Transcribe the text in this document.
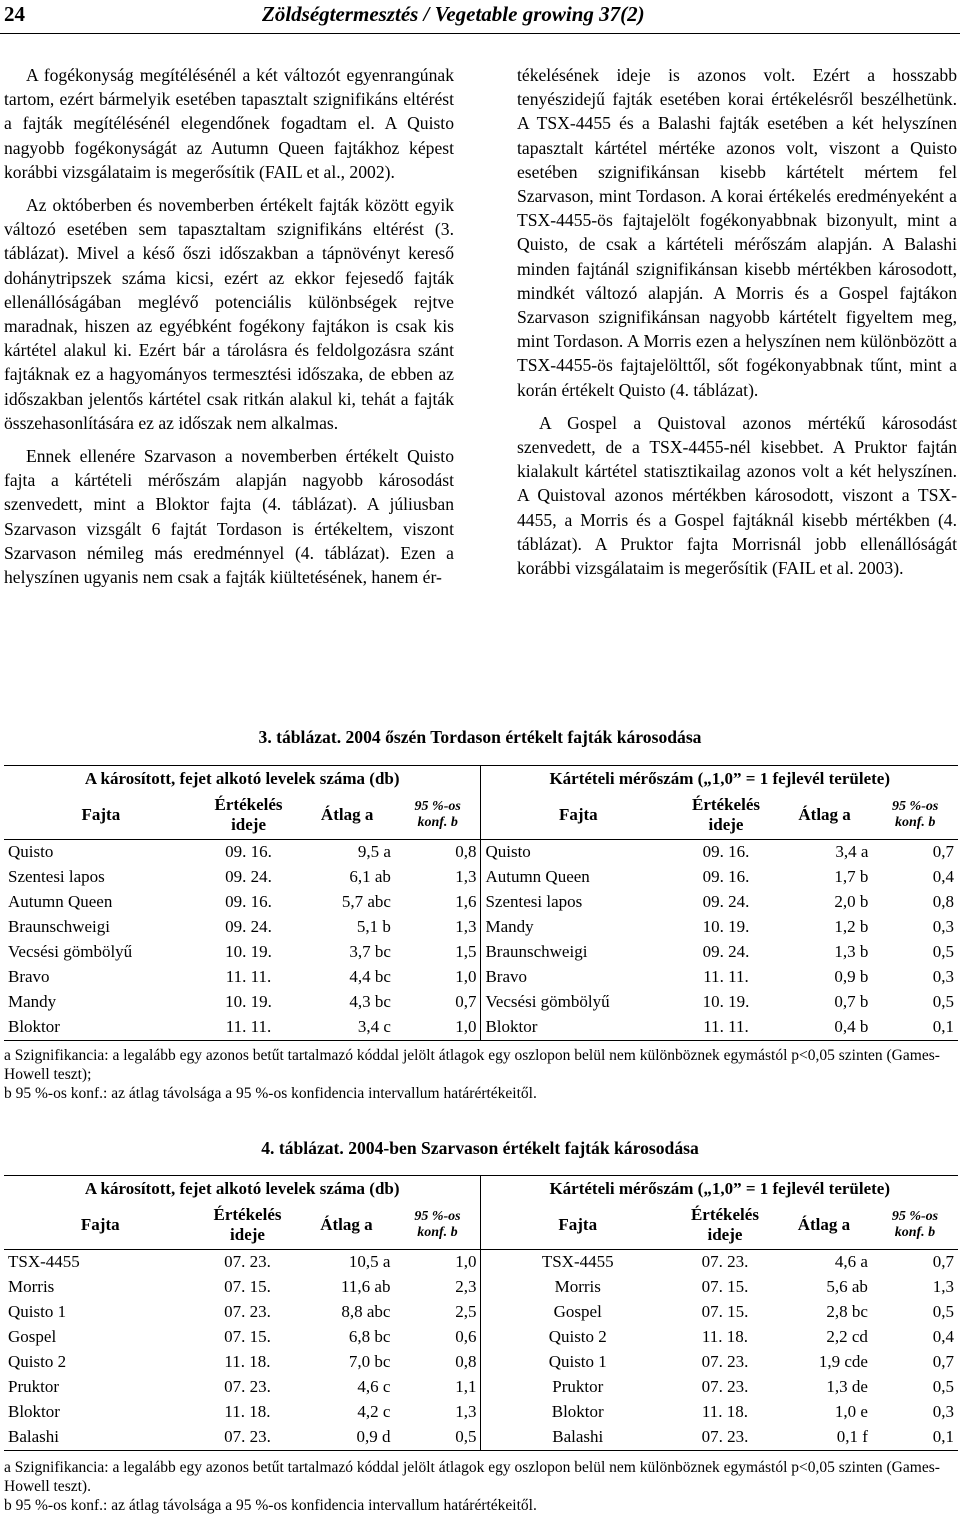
24	Zöldségtermesztés / Vegetable growing 37(2)

A fogékonyság megítélésénél a két változót egyenrangúnak tartom, ezért bármelyik esetében tapasztalt szignifikáns eltérést a fajták megítélésénél elegendőnek fogadtam el. A Quisto nagyobb fogékonyságát az Autumn Queen fajtákhoz képest korábbi vizsgálataim is megerősítik (FAIL et al., 2002).

Az októberben és novemberben értékelt fajták között egyik változó esetében sem tapasztaltam szignifikáns eltérést (3. táblázat). Mivel a késő őszi időszakban a tápnövényt kereső dohánytripszek száma kicsi, ezért az ekkor fejesedő fajták ellenállóságában meglévő potenciális különbségek rejtve maradnak, hiszen az egyébként fogékony fajtákon is csak kis kártétel alakul ki. Ezért bár a tárolásra és feldolgozásra szánt fajtáknak ez a hagyományos termesztési időszaka, de ebben az időszakban jelentős kártétel csak ritkán alakul ki, tehát a fajták összehasonlítására ez az időszak nem alkalmas.

Ennek ellenére Szarvason a novemberben értékelt Quisto fajta a kártételi mérőszám alapján nagyobb károsodást szenvedett, mint a Bloktor fajta (4. táblázat). A júliusban Szarvason vizsgált 6 fajtát Tordason is értékeltem, viszont Szarvason némileg más eredménnyel (4. táblázat). Ezen a helyszínen ugyanis nem csak a fajták kiültetésének, hanem ér-

tékelésének ideje is azonos volt. Ezért a hosszabb tenyészidejű fajták esetében korai értékelésről beszélhetünk. A TSX-4455 és a Balashi fajták esetében a két helyszínen tapasztalt kártétel mértéke azonos volt, viszont a Quisto esetében szignifikánsan kisebb kártételt mértem fel Szarvason, mint Tordason. A korai értékelés eredményeként a TSX-4455-ös fajtajelölt fogékonyabbnak bizonyult, mint a Quisto, de csak a kártételi mérőszám alapján. A Balashi minden fajtánál szignifikánsan kisebb mértékben károsodott, mindkét változó alapján. A Morris és a Gospel fajtákon Szarvason szignifikánsan nagyobb kártételt figyeltem meg, mint Tordason. A Morris ezen a helyszínen nem különbözött a TSX-4455-ös fajtajelölttől, sőt fogékonyabbnak tűnt, mint a korán értékelt Quisto (4. táblázat).

A Gospel a Quistoval azonos mértékű károsodást szenvedett, de a TSX-4455-nél kisebbet. A Pruktor fajtán kialakult kártétel statisztikailag azonos volt a két helyszínen. A Quistoval azonos mértékben károsodott, viszont a TSX-4455, a Morris és a Gospel fajtáknál kisebb mértékben (4. táblázat). A Pruktor fajta Morrisnál jobb ellenállóságát korábbi vizsgálataim is megerősítik (FAIL et al. 2003).

3. táblázat. 2004 őszén Tordason értékelt fajták károsodása
A károsított, fejet alkotó levelek száma (db)				Kártételi mérőszám („1,0” = 1 fejlevél területe)			
Fajta	Értékelés ideje	Átlag a	95 %-os konf. b	Fajta	Értékelés ideje	Átlag a	95 %-os konf. b
Quisto	09. 16.	9,5 a	0,8	Quisto	09. 16.	3,4 a	0,7
Szentesi lapos	09. 24.	6,1 ab	1,3	Autumn Queen	09. 16.	1,7 b	0,4
Autumn Queen	09. 16.	5,7 abc	1,6	Szentesi lapos	09. 24.	2,0 b	0,8
Braunschweigi	09. 24.	5,1 b	1,3	Mandy	10. 19.	1,2 b	0,3
Vecsési gömbölyű	10. 19.	3,7 bc	1,5	Braunschweigi	09. 24.	1,3 b	0,5
Bravo	11. 11.	4,4 bc	1,0	Bravo	11. 11.	0,9 b	0,3
Mandy	10. 19.	4,3 bc	0,7	Vecsési gömbölyű	10. 19.	0,7 b	0,5
Bloktor	11. 11.	3,4 c	1,0	Bloktor	11. 11.	0,4 b	0,1

a Szignifikancia: a legalább egy azonos betűt tartalmazó kóddal jelölt átlagok egy oszlopon belül nem különböznek egymástól p<0,05 szinten (Games-Howell teszt);

b 95 %-os konf.: az átlag távolsága a 95 %-os konfidencia intervallum határértékeitől.

4. táblázat. 2004-ben Szarvason értékelt fajták károsodása
A károsított, fejet alkotó levelek száma (db)				Kártételi mérőszám („1,0” = 1 fejlevél területe)			
Fajta	Értékelés ideje	Átlag a	95 %-os konf. b	Fajta	Értékelés ideje	Átlag a	95 %-os konf. b
TSX-4455	07. 23.	10,5 a	1,0	TSX-4455	07. 23.	4,6 a	0,7
Morris	07. 15.	11,6 ab	2,3	Morris	07. 15.	5,6 ab	1,3
Quisto 1	07. 23.	8,8 abc	2,5	Gospel	07. 15.	2,8 bc	0,5
Gospel	07. 15.	6,8 bc	0,6	Quisto 2	11. 18.	2,2 cd	0,4
Quisto 2	11. 18.	7,0 bc	0,8	Quisto 1	07. 23.	1,9 cde	0,7
Pruktor	07. 23.	4,6 c	1,1	Pruktor	07. 23.	1,3 de	0,5
Bloktor	11. 18.	4,2 c	1,3	Bloktor	11. 18.	1,0 e	0,3
Balashi	07. 23.	0,9 d	0,5	Balashi	07. 23.	0,1 f	0,1

a Szignifikancia: a legalább egy azonos betűt tartalmazó kóddal jelölt átlagok egy oszlopon belül nem különböznek egymástól p<0,05 szinten (Games-Howell teszt).

b 95 %-os konf.: az átlag távolsága a 95 %-os konfidencia intervallum határértékeitől.
